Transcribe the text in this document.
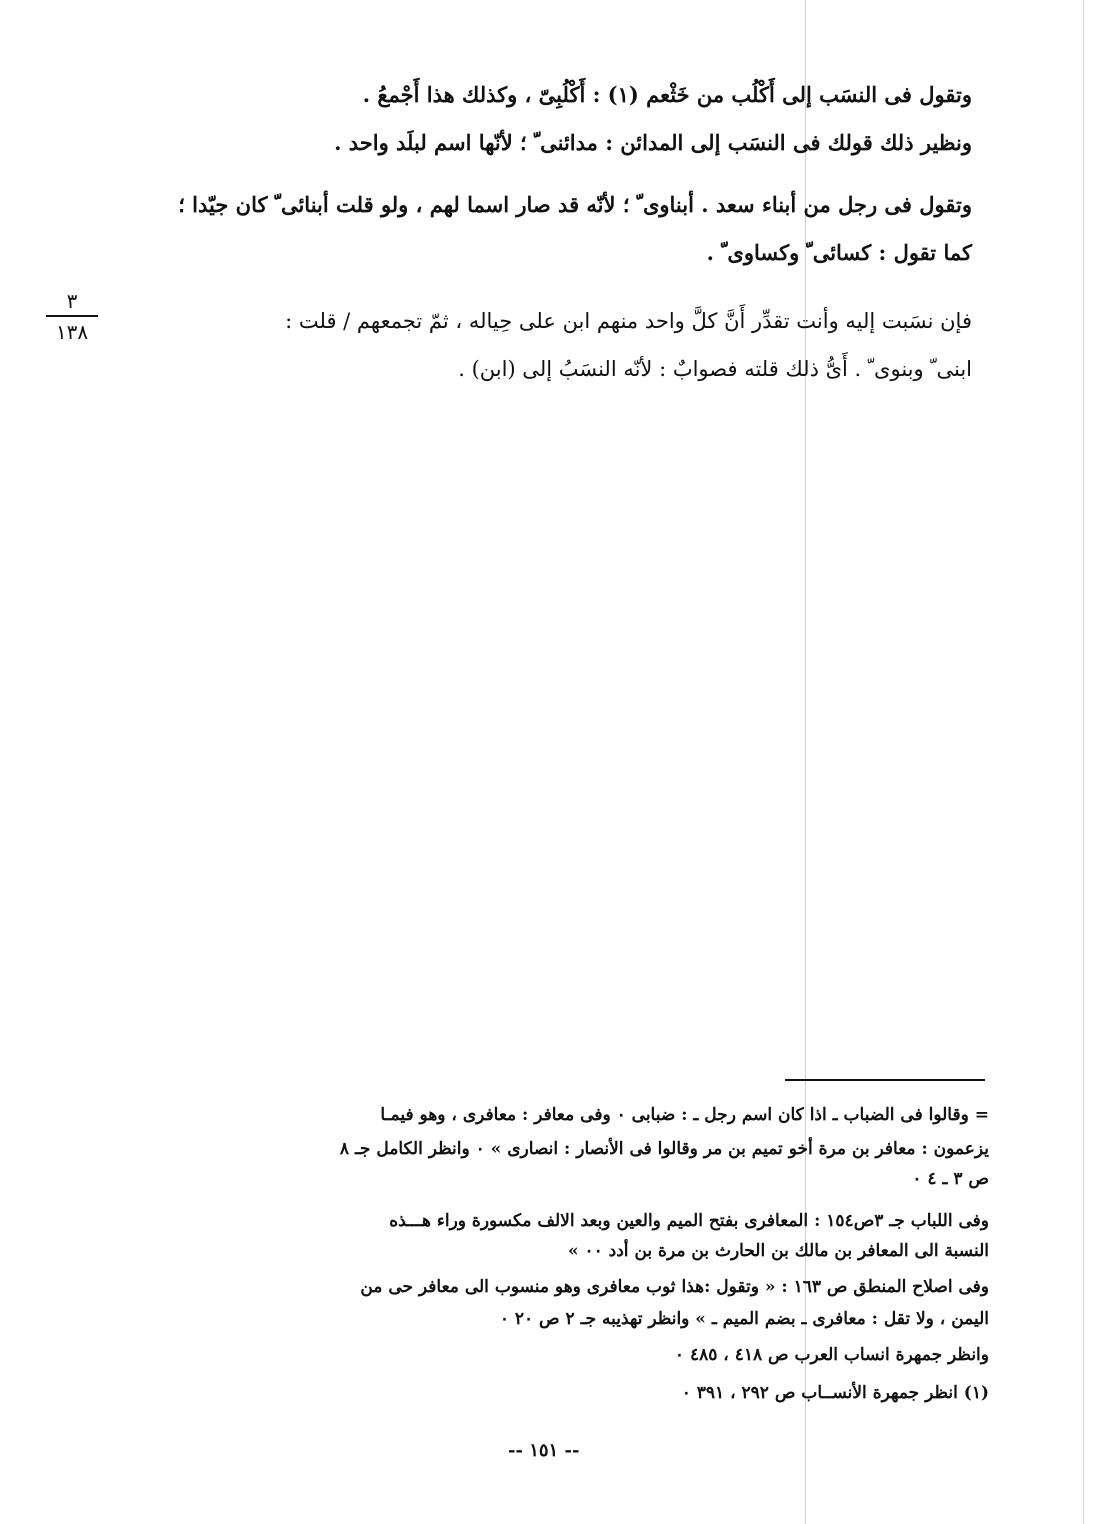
وتقول فى النسَب إلى أَكْلُب من خَثْعم (١) : أَكْلُبِىّ ، وكذلك هذا أَجْمعُ .
ونظير ذلك قولك فى النسَب إلى المدائن : مدائنى ّ ؛ لأنّها اسم لبلَد واحد .
وتقول فى رجل من أبناء سعد . أبناوى ّ ؛ لأنّه قد صار اسما لهم ، ولو قلت أبنائى ّ كان جيّدا ؛
كما تقول : كسائى ّ وكساوى ّ .
فإن نسَبت إليه وأنت تقدِّر أَنَّ كلَّ واحد منهم ابن على حِياله ، ثمّ تجمعهم / قلت :
ابنى ّ وبنوى ّ . أَىُّ ذلك قلته فصوابٌ : لأنّه النسَبُ إلى (ابن) .
٣
١٣٨
= وقالوا فى الضباب ـ اذا كان اسم رجل ـ : ضبابى ٠ وفى معافر : معافرى ، وهو فيمـا
يزعمون : معافر بن مرة أخو تميم بن مر وقالوا فى الأنصار : انصارى » ٠ وانظر الكامل جـ ٨
ص ٣ ـ ٤ ٠
وفى اللباب جـ ٣ص١٥٤ : المعافرى بفتح الميم والعين وبعد الالف مكسورة وراء هـــذه
النسبة الى المعافر بن مالك بن الحارث بن مرة بن أدد ٠٠ »
وفى اصلاح المنطق ص ١٦٣ : « وتقول :هذا ثوب معافرى وهو منسوب الى معافر حى من
اليمن ، ولا تقل : معافرى ـ بضم الميم ـ » وانظر تهذيبه جـ ٢ ص ٢٠ ٠
وانظر جمهرة انساب العرب ص ٤١٨ ، ٤٨٥ ٠
(١) انظر جمهرة الأنســاب ص ٢٩٢ ، ٣٩١ ٠
-- ١٥١ --
